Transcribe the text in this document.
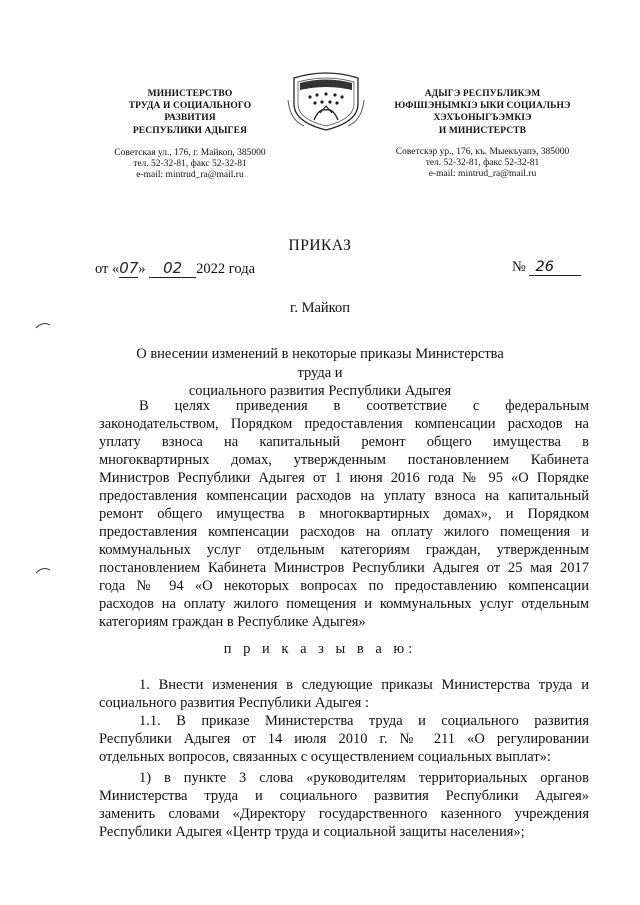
МИНИСТЕРСТВО
ТРУДА И СОЦИАЛЬНОГО
РАЗВИТИЯ
РЕСПУБЛИКИ АДЫГЕЯ
Советская ул., 176, г. Майкоп, 385000
тел. 52-32-81, факс 52-32-81
e-mail: mintrud_ra@mail.ru
АДЫГЭ РЕСПУБЛИКЭМ
ЮФШІЭНЫМКІЭ ЫКИ СОЦИАЛЬНЭ
ХЭХЪОНЫГЪЭМКІЭ
И МИНИСТЕРСТВ
Советскэр ур., 176, къ. Мыекъуапэ, 385000
тел. 52-32-81, факс 52-32-81
e-mail: mintrud_ra@mail.ru
ПРИКАЗ
от «07» 02 2022 года	№ 26
г. Майкоп
О внесении изменений в некоторые приказы Министерства труда и
социального развития Республики Адыгея
В целях приведения в соответствие с федеральным
законодательством, Порядком предоставления компенсации расходов на
уплату взноса на капитальный ремонт общего имущества в
многоквартирных домах, утвержденным постановлением Кабинета
Министров Республики Адыгея от 1 июня 2016 года № 95 «О Порядке
предоставления компенсации расходов на уплату взноса на капитальный
ремонт общего имущества в многоквартирных домах», и Порядком
предоставления компенсации расходов на оплату жилого помещения и
коммунальных услуг отдельным категориям граждан, утвержденным
постановлением Кабинета Министров Республики Адыгея от 25 мая 2017
года № 94 «О некоторых вопросах по предоставлению компенсации
расходов на оплату жилого помещения и коммунальных услуг отдельным
категориям граждан в Республике Адыгея»
п р и к а з ы в а ю:
1. Внести изменения в следующие приказы Министерства труда и
социального развития Республики Адыгея :
1.1. В приказе Министерства труда и социального развития
Республики Адыгея от 14 июля 2010 г. № 211 «О регулировании
отдельных вопросов, связанных с осуществлением социальных выплат»:
1) в пункте 3 слова «руководителям территориальных органов
Министерства труда и социального развития Республики Адыгея»
заменить словами «Директору государственного казенного учреждения
Республики Адыгея «Центр труда и социальной защиты населения»;
